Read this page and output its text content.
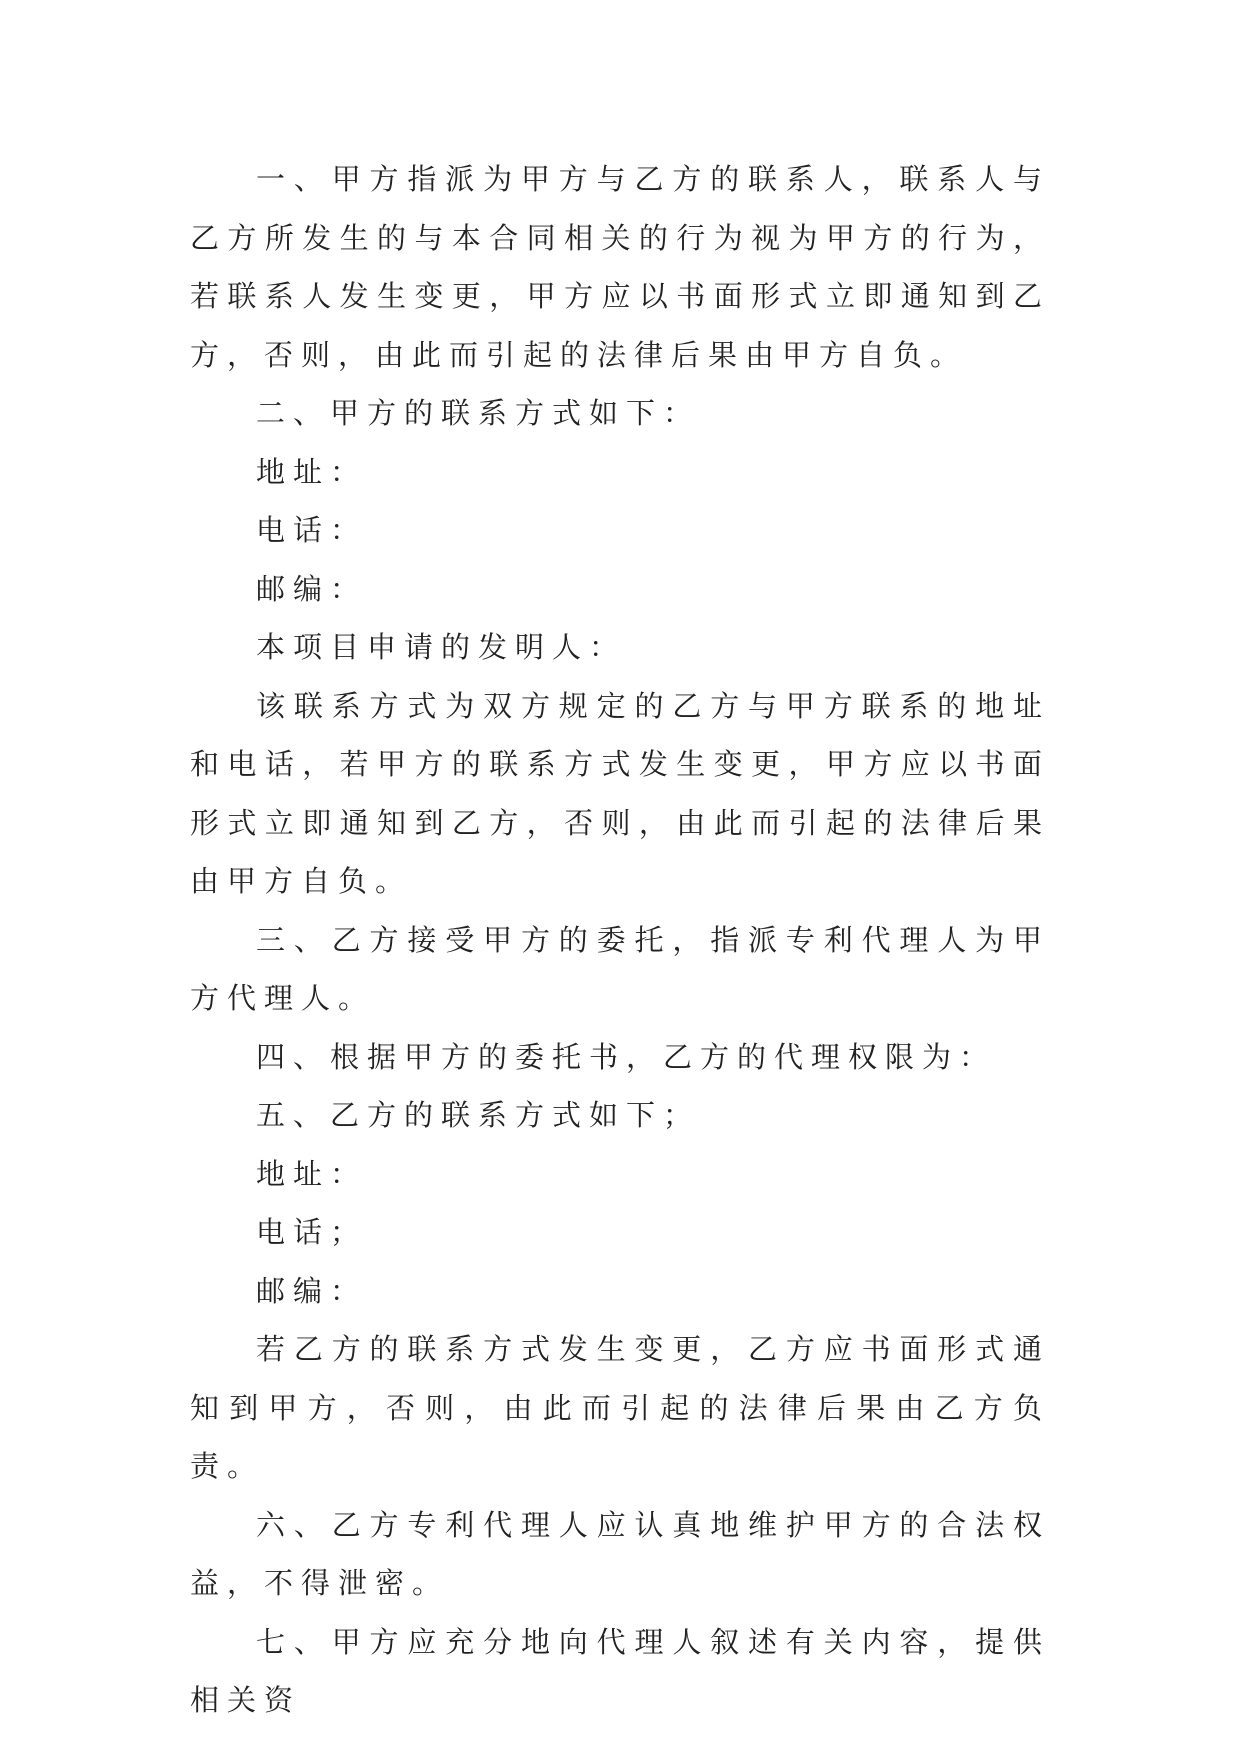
一、甲方指派为甲方与乙方的联系人，联系人与乙方所发生的与本合同相关的行为视为甲方的行为，若联系人发生变更，甲方应以书面形式立即通知到乙方，否则，由此而引起的法律后果由甲方自负。

二、甲方的联系方式如下：

地址：

电话：

邮编：

本项目申请的发明人：

该联系方式为双方规定的乙方与甲方联系的地址和电话，若甲方的联系方式发生变更，甲方应以书面形式立即通知到乙方，否则，由此而引起的法律后果由甲方自负。

三、乙方接受甲方的委托，指派专利代理人为甲方代理人。

四、根据甲方的委托书，乙方的代理权限为：

五、乙方的联系方式如下；

地址：

电话；

邮编：

若乙方的联系方式发生变更，乙方应书面形式通知到甲方，否则，由此而引起的法律后果由乙方负责。

六、乙方专利代理人应认真地维护甲方的合法权益，不得泄密。

七、甲方应充分地向代理人叙述有关内容，提供相关资
